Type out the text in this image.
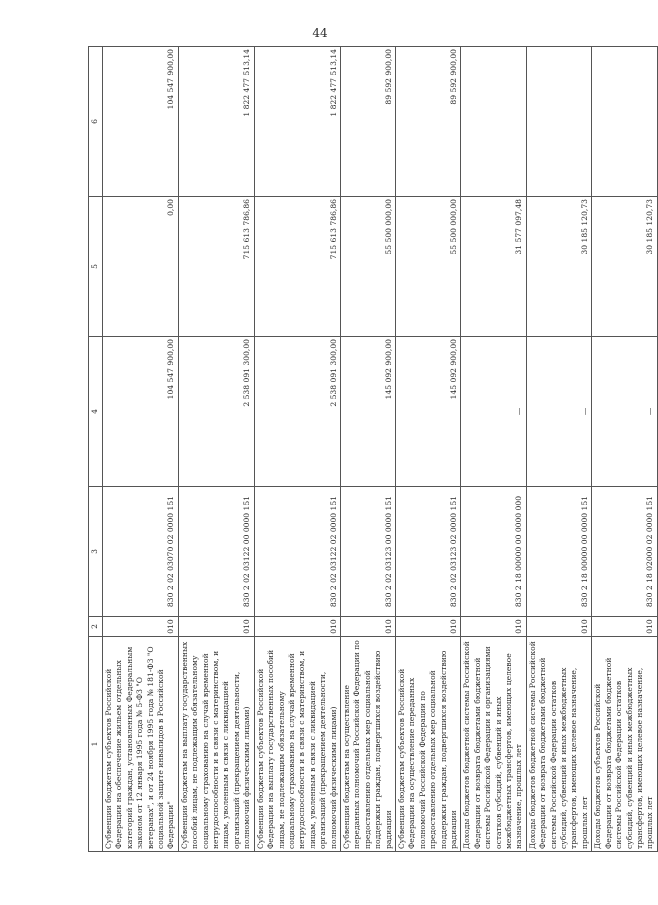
44
1	2	3	4	5	6
Субвенции бюджетам субъектов Российской Федерации на обеспечение жильем отдельных категорий граждан, установленных Федеральным законом от 12 января 1995 года № 5-ФЗ "О ветеранах", и от 24 ноября 1995 года № 181-ФЗ "О социальной защите инвалидов в Российской Федерации"	010	830 2 02 03070 02 0000 151	104 547 900,00	0,00	104 547 900,00
Субвенции бюджетам на выплату государственных пособий лицам, не подлежащим обязательному социальному страхованию на случай временной нетрудоспособности и в связи с материнством, и лицам, уволенным в связи с ликвидацией организаций (прекращением деятельности, полномочий физическими лицами)	010	830 2 02 03122 00 0000 151	2 538 091 300,00	715 613 786,86	1 822 477 513,14
Субвенции бюджетам субъектов Российской Федерации на выплату государственных пособий лицам, не подлежащим обязательному социальному страхованию на случай временной нетрудоспособности и в связи с материнством, и лицам, уволенным в связи с ликвидацией организаций (прекращением деятельности, полномочий физическими лицами)	010	830 2 02 03122 02 0000 151	2 538 091 300,00	715 613 786,86	1 822 477 513,14
Субвенции бюджетам на осуществление переданных полномочий Российской Федерации по предоставлению отдельных мер социальной поддержки граждан, подвергшихся воздействию радиации	010	830 2 02 03123 00 0000 151	145 092 900,00	55 500 000,00	89 592 900,00
Субвенции бюджетам субъектов Российской Федерации на осуществление переданных полномочий Российской Федерации по предоставлению отдельных мер социальной поддержки граждан, подвергшихся воздействию радиации	010	830 2 02 03123 02 0000 151	145 092 900,00	55 500 000,00	89 592 900,00
Доходы бюджетов бюджетной системы Российской Федерации от возврата бюджетами бюджетной системы Российской Федерации и организациями остатков субсидий, субвенций и иных межбюджетных трансфертов, имеющих целевое назначение, прошлых лет	010	830 2 18 00000 00 0000 000	—	31 577 097,48	
Доходы бюджетов бюджетной системы Российской Федерации от возврата бюджетами бюджетной системы Российской Федерации остатков субсидий, субвенций и иных межбюджетных трансфертов, имеющих целевое назначение, прошлых лет	010	830 2 18 00000 00 0000 151	—	30 185 120,73	
Доходы бюджетов субъектов Российской Федерации от возврата бюджетами бюджетной системы Российской Федерации остатков субсидий, субвенций и иных межбюджетных трансфертов, имеющих целевое назначение, прошлых лет	010	830 2 18 02000 02 0000 151	—	30 185 120,73	
